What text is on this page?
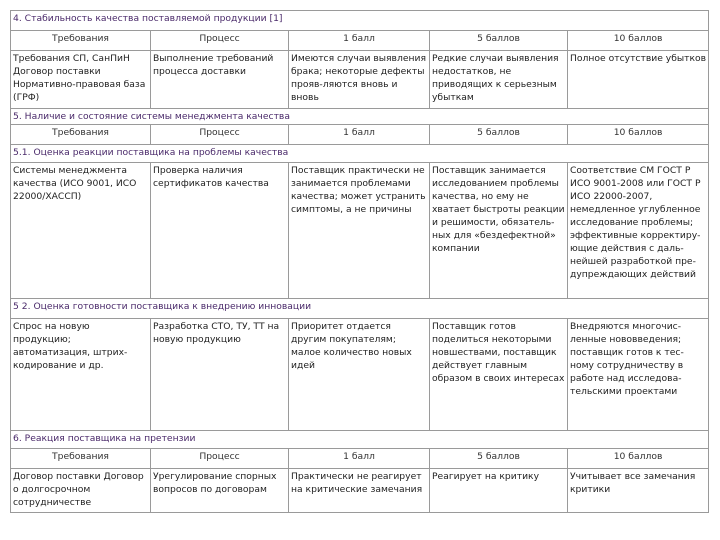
4. Стабильность качества поставляемой продукции [1]				
Требования	Процесс	1 балл	5 баллов	10 баллов
Требования СП, СанПиН Договор поставки Нормативно-правовая база (ГРФ)	Выполнение требований процесса доставки	Имеются случаи выявления брака; некоторые дефекты прояв-ляются вновь и вновь	Редкие случаи выявления недостатков, не приводящих к серьезным убыткам	Полное отсутствие убытков
5. Наличие и состояние системы менеджмента качества				
Требования	Процесс	1 балл	5 баллов	10 баллов
5.1. Оценка реакции поставщика на проблемы качества				
Системы менеджмента качества (ИСО 9001, ИСО 22000/ХАССП)	Проверка наличия сертификатов качества	Поставщик практически не занимается проблемами качества; может устранить симптомы, а не причины	Поставщик занимается исследованием проблемы качества, но ему не хватает быстроты реакции и решимости, обязатель-ных для «бездефектной» компании	Соответствие СМ ГОСТ Р ИСО 9001-2008 или ГОСТ Р ИСО 22000-2007, немедленное углубленное исследование проблемы; эффективные корректиру-ющие действия с даль-нейшей разработкой пре-дупреждающих действий
5 2. Оценка готовности поставщика к внедрению инновации				
Спрос на новую продукцию; автоматизация, штрих-кодирование и др.	Разработка СТО, ТУ, ТТ на новую продукцию	Приоритет отдается другим покупателям; малое количество новых идей	Поставщик готов поделиться некоторыми новшествами, поставщик действует главным образом в своих интересах	Внедряются многочис-ленные нововведения; поставщик готов к тес-ному сотрудничеству в работе над исследова-тельскими проектами
6. Реакция поставщика на претензии				
Требования	Процесс	1 балл	5 баллов	10 баллов
Договор поставки Договор о долгосрочном сотрудничестве	Урегулирование спорных вопросов по договорам	Практически не реагирует на критические замечания	Реагирует на критику	Учитывает все замечания критики
